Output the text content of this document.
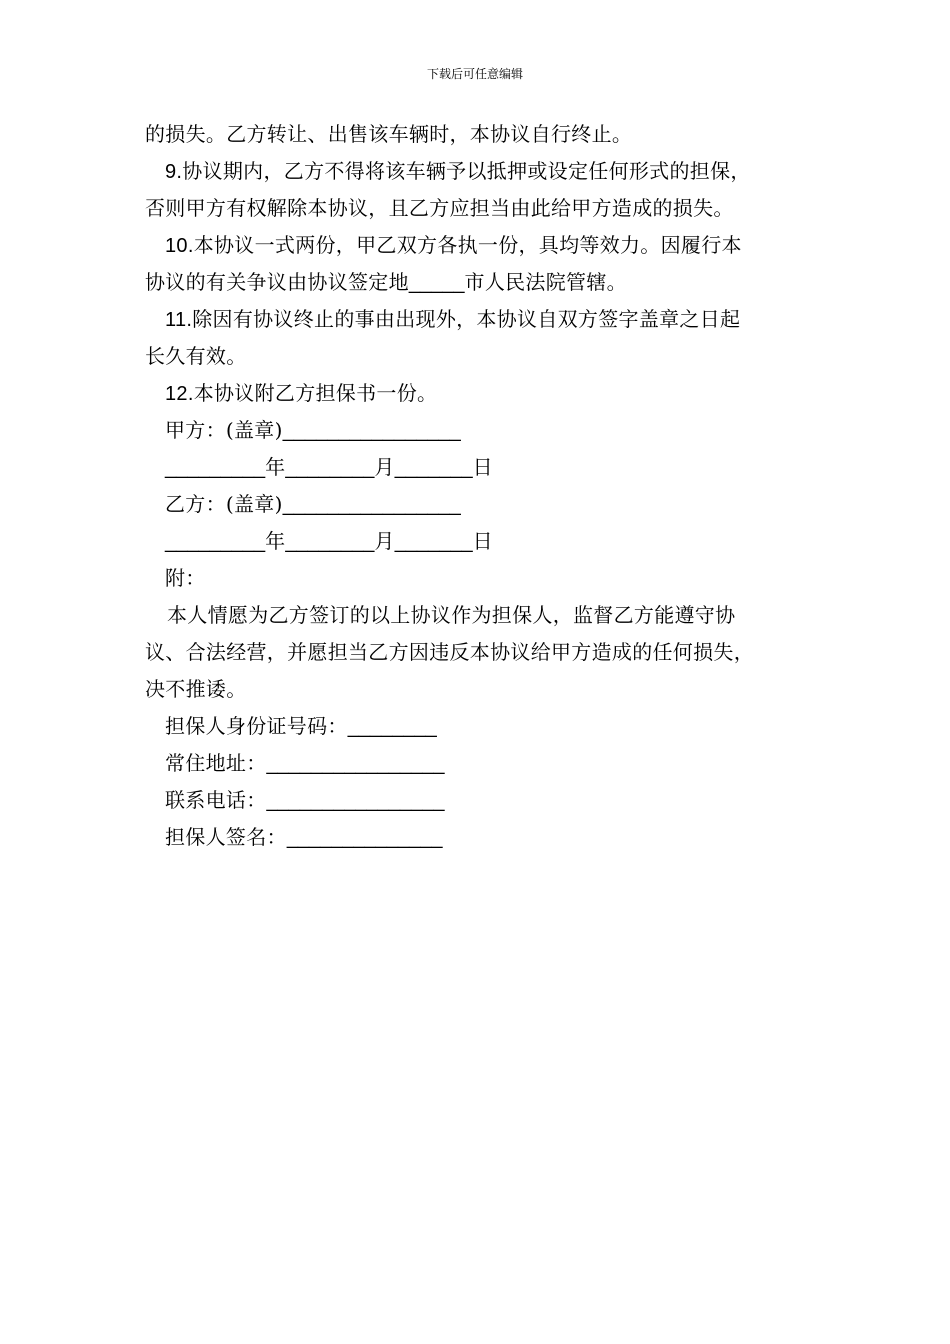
下载后可任意编辑
的损失。乙方转让、出售该车辆时，本协议自行终止。
9.协议期内，乙方不得将该车辆予以抵押或设定任何形式的担保，
否则甲方有权解除本协议，且乙方应担当由此给甲方造成的损失。
10.本协议一式两份，甲乙双方各执一份，具均等效力。因履行本
协议的有关争议由协议签定地_____市人民法院管辖。
11.除因有协议终止的事由出现外，本协议自双方签字盖章之日起
长久有效。
12.本协议附乙方担保书一份。
甲方：(盖章)________________
_________年________月_______日
乙方：(盖章)________________
_________年________月_______日
附：
本人情愿为乙方签订的以上协议作为担保人，监督乙方能遵守协
议、合法经营，并愿担当乙方因违反本协议给甲方造成的任何损失，
决不推诿。
担保人身份证号码：________
常住地址：________________
联系电话：________________
担保人签名：______________
